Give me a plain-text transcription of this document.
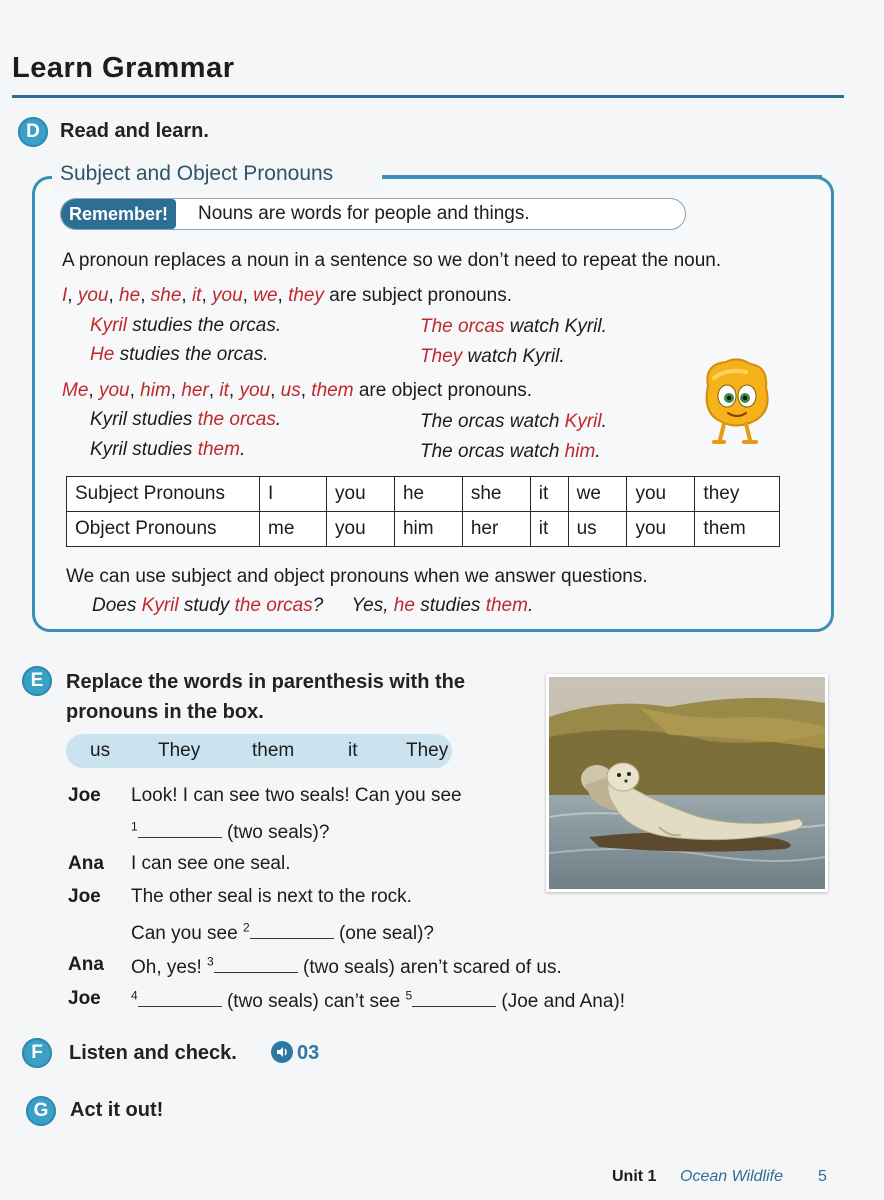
Learn Grammar
D	Read and learn.
Subject and Object Pronouns
Remember!	Nouns are words for people and things.
A pronoun replaces a noun in a sentence so we don’t need to repeat the noun.
I, you, he, she, it, you, we, they are subject pronouns.
Kyril studies the orcas.
He studies the orcas.
The orcas watch Kyril.
They watch Kyril.
Me, you, him, her, it, you, us, them are object pronouns.
Kyril studies the orcas.
Kyril studies them.
The orcas watch Kyril.
The orcas watch him.
Subject Pronouns	I	you	he	she	it	we	you	they
Object Pronouns	me	you	him	her	it	us	you	them
We can use subject and object pronouns when we answer questions.
Does Kyril study the orcas? Yes, he studies them.
E	Replace the words in parenthesis with the
pronouns in the box.
us	They	them	it	They
Joe Look! I can see two seals! Can you see
$^1$	(two seals)?
Ana I can see one seal.
Joe The other seal is next to the rock.
Can you see $^2$	(one seal)?
Ana Oh, yes! $^3$	(two seals) aren’t scared of us.
Joe	$^4$	(two seals) can’t see $^5$	(Joe and Ana)!
F	Listen and check.	03
G	Act it out!
Unit 1 Ocean Wildlife 5
